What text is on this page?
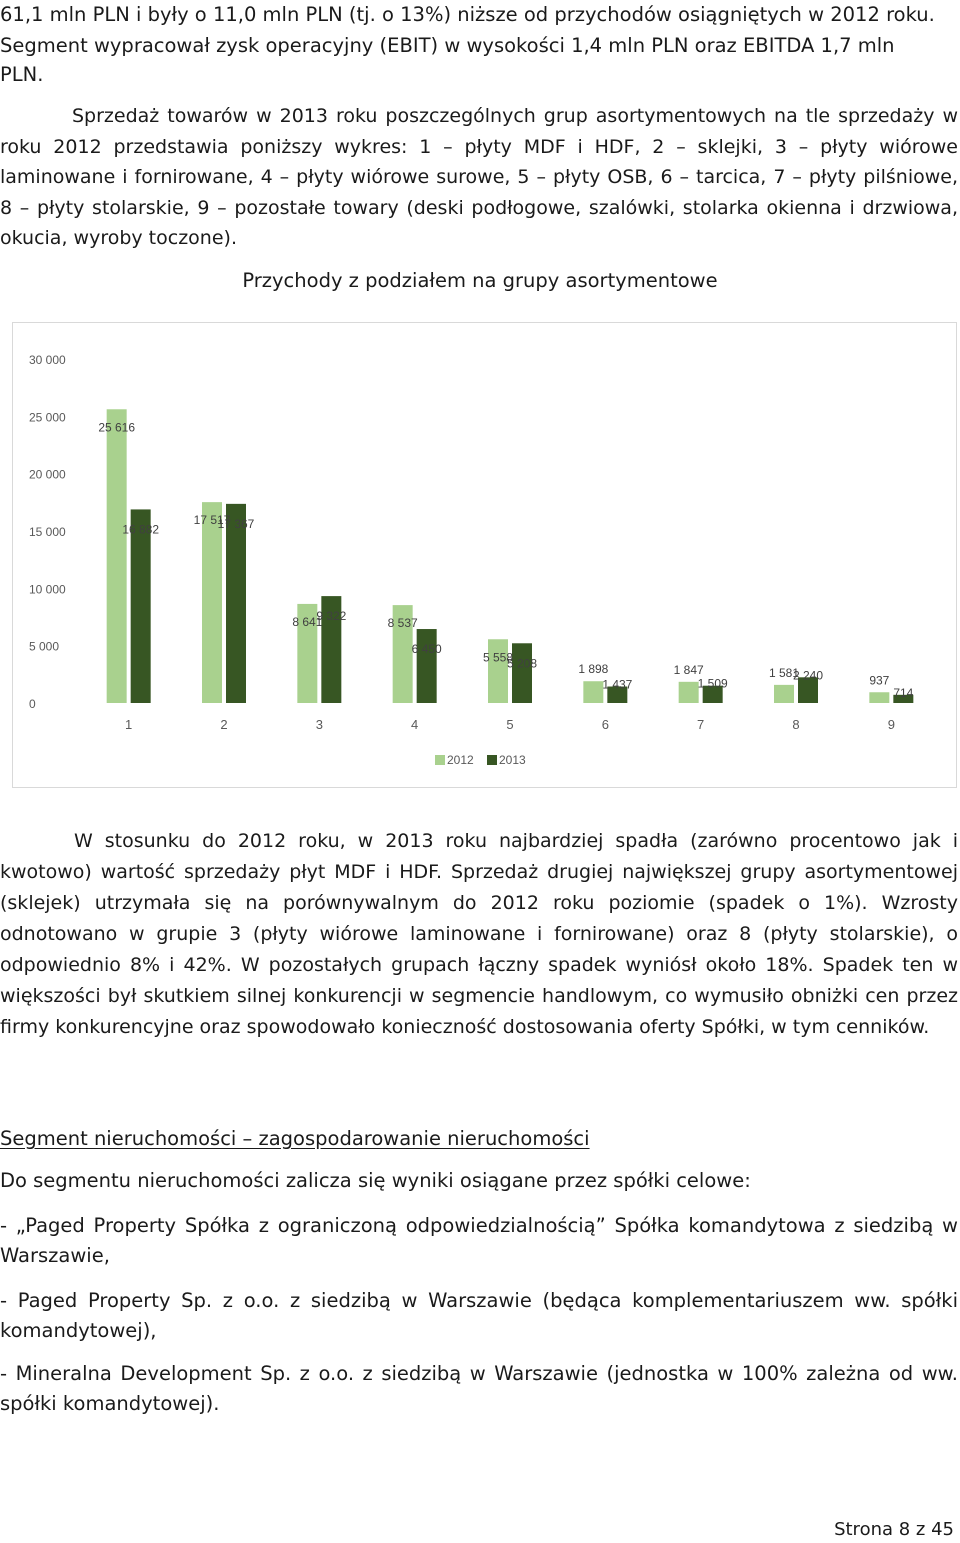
61,1 mln PLN i były o 11,0 mln PLN (tj. o 13%) niższe od przychodów osiągniętych w 2012 roku.
Segment wypracował zysk operacyjny (EBIT) w wysokości 1,4 mln PLN oraz EBITDA 1,7 mln
PLN.

Sprzedaż towarów w 2013 roku poszczególnych grup asortymentowych na tle sprzedaży w roku 2012 przedstawia poniższy wykres: 1 – płyty MDF i HDF, 2 – sklejki, 3 – płyty wiórowe laminowane i fornirowane, 4 – płyty wiórowe surowe, 5 – płyty OSB, 6 – tarcica, 7 – płyty pilśniowe, 8 – płyty stolarskie, 9 – pozostałe towary (deski podłogowe, szalówki, stolarka okienna i drzwiowa, okucia, wyroby toczone).

Przychody z podziałem na grupy asortymentowe
0
5 000
10 000
15 000
20 000
25 000
30 000
25 616
16 882
17 517
17 367
8 641
9 322
8 537
6 450
5 558
5 208	1 898
1 437
1 847
1 509
1 581
2 240	937
714
1	2	3	4	5	6	7	8	9
2012 2013

W stosunku do 2012 roku, w 2013 roku najbardziej spadła (zarówno procentowo jak i kwotowo) wartość sprzedaży płyt MDF i HDF. Sprzedaż drugiej największej grupy asortymentowej (sklejek) utrzymała się na porównywalnym do 2012 roku poziomie (spadek o 1%). Wzrosty odnotowano w grupie 3 (płyty wiórowe laminowane i fornirowane) oraz 8 (płyty stolarskie), o odpowiednio 8% i 42%. W pozostałych grupach łączny spadek wyniósł około 18%. Spadek ten w większości był skutkiem silnej konkurencji w segmencie handlowym, co wymusiło obniżki cen przez firmy konkurencyjne oraz spowodowało konieczność dostosowania oferty Spółki, w tym cenników.

Segment nieruchomości – zagospodarowanie nieruchomości
Do segmentu nieruchomości zalicza się wyniki osiągane przez spółki celowe:
- „Paged Property Spółka z ograniczoną odpowiedzialnością” Spółka komandytowa z siedzibą w Warszawie,
- Paged Property Sp. z o.o. z siedzibą w Warszawie (będąca komplementariuszem ww. spółki komandytowej),
- Mineralna Development Sp. z o.o. z siedzibą w Warszawie (jednostka w 100% zależna od ww. spółki komandytowej).
Strona 8 z 45
